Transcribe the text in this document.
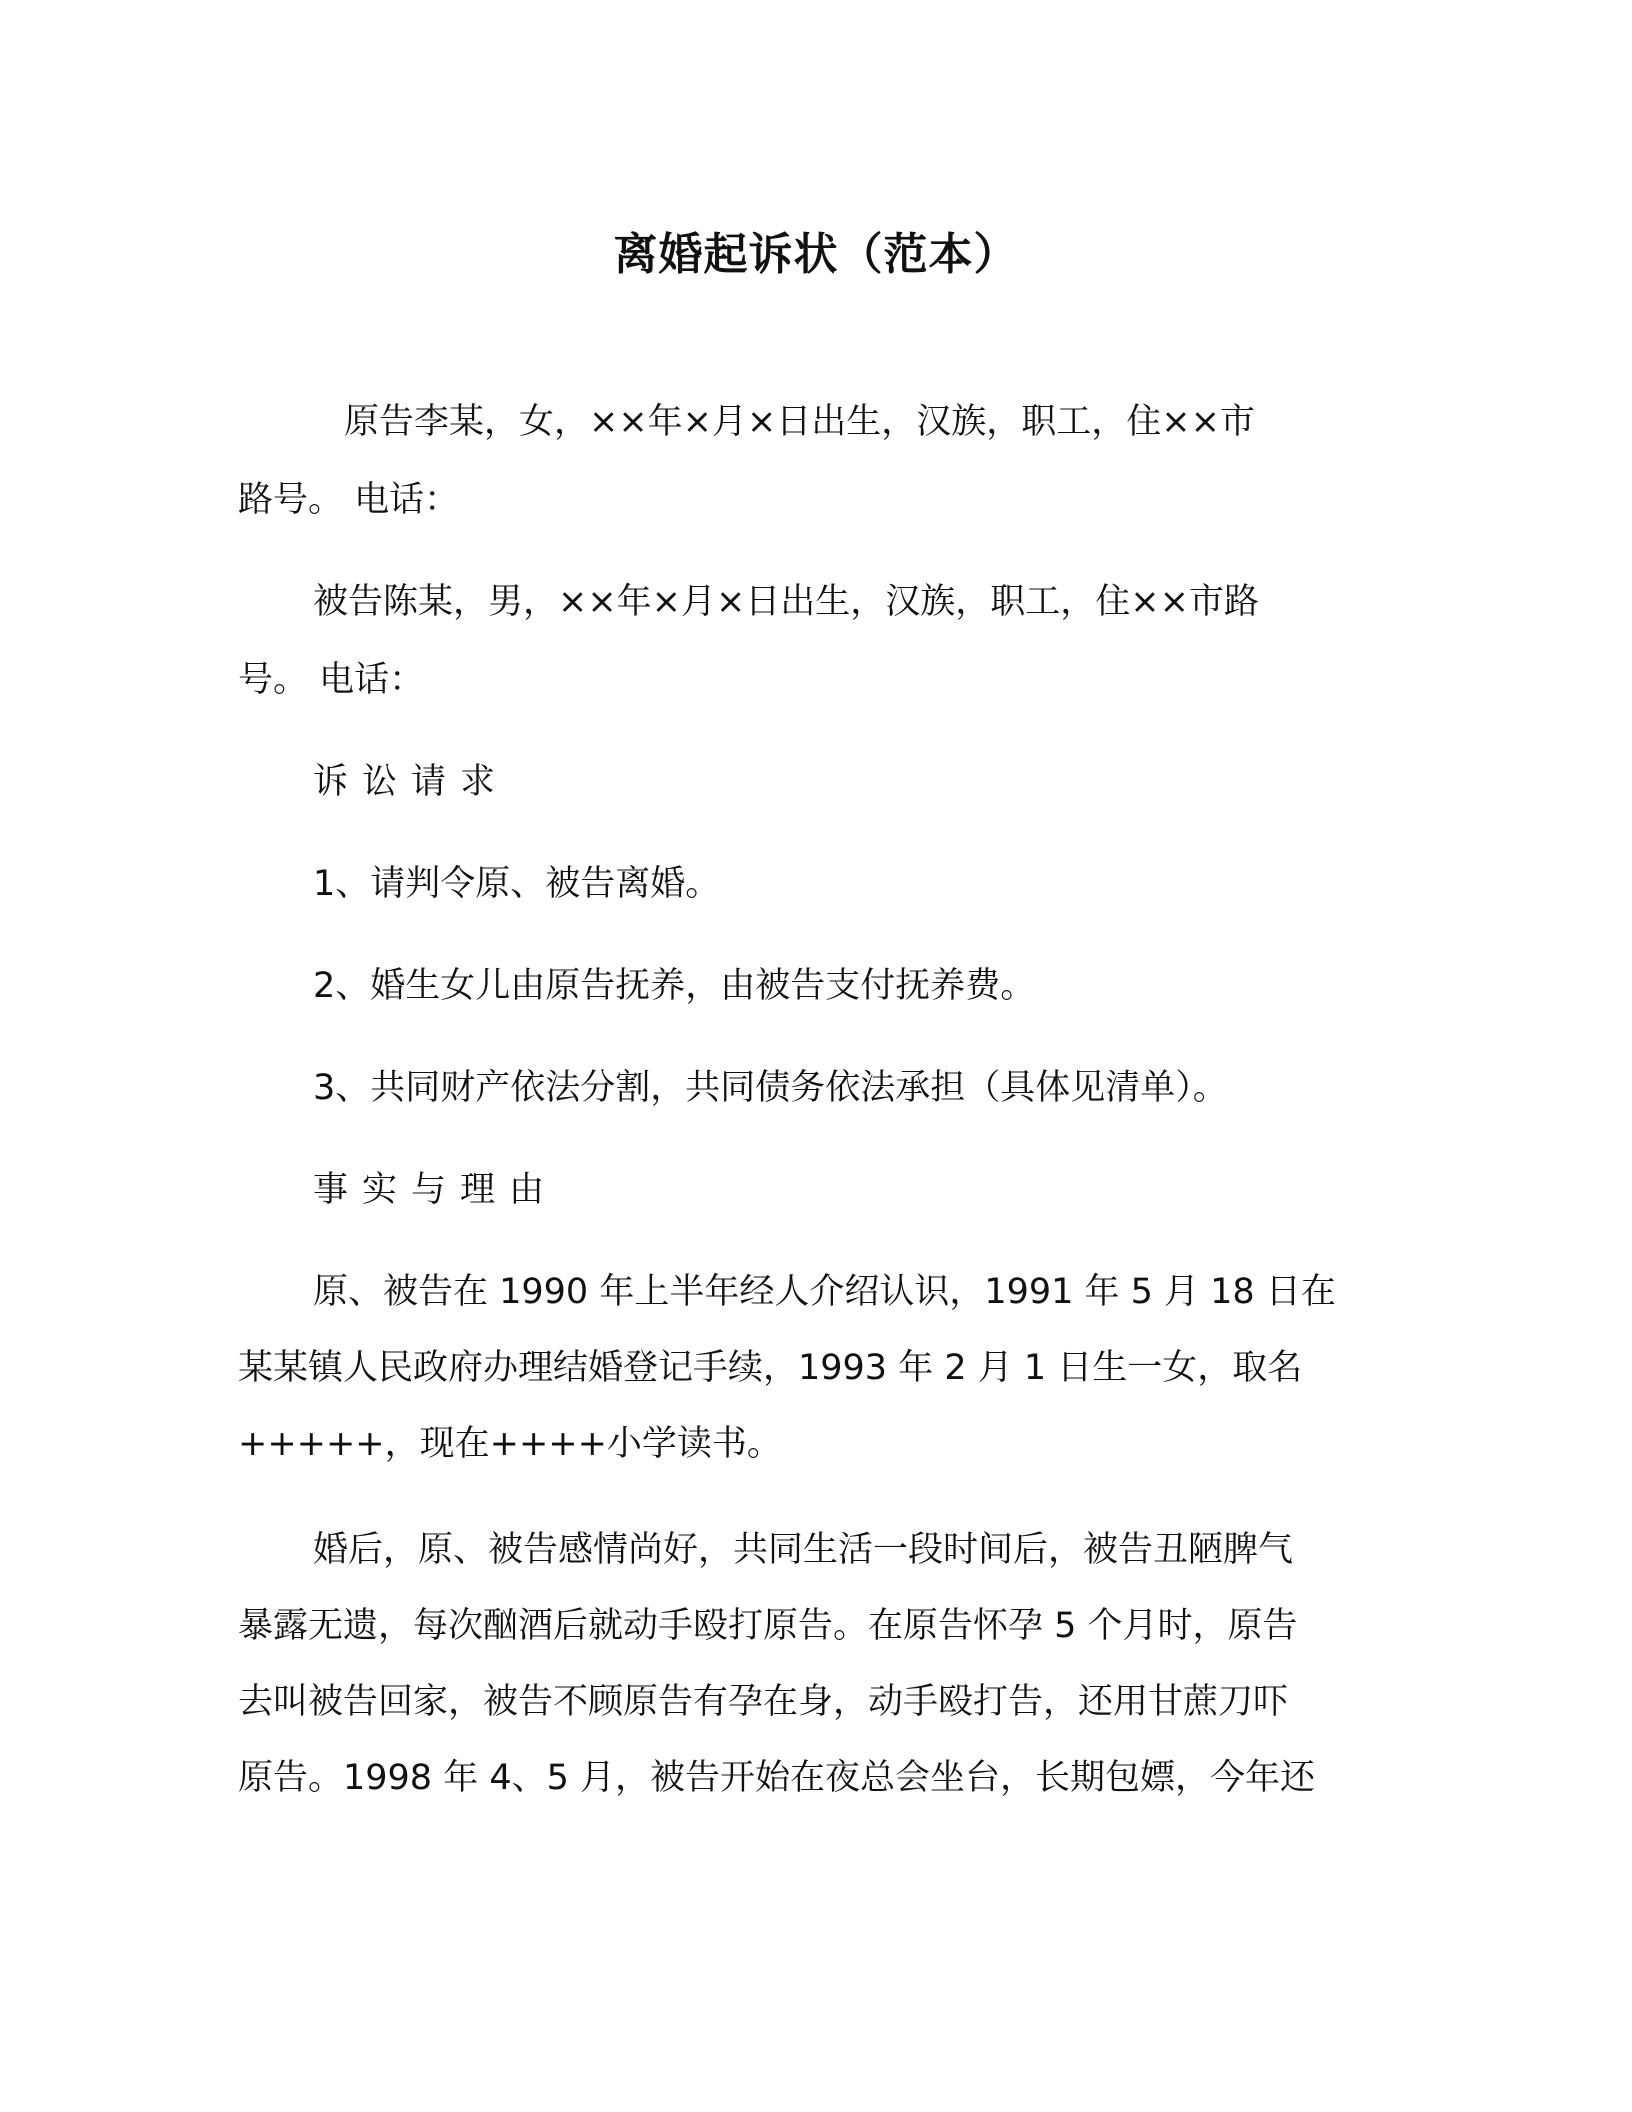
离婚起诉状（范本）
原告李某，女，××年×月×日出生，汉族，职工，住××市
路号。 电话：
被告陈某，男，××年×月×日出生，汉族，职工，住××市路
号。 电话：
诉讼请求
1、请判令原、被告离婚。
2、婚生女儿由原告抚养，由被告支付抚养费。
3、共同财产依法分割，共同债务依法承担（具体见清单）。
事实与理由
原、被告在 1990 年上半年经人介绍认识，1991 年 5 月 18 日在
某某镇人民政府办理结婚登记手续，1993 年 2 月 1 日生一女，取名
+++++，现在++++小学读书。
婚后，原、被告感情尚好，共同生活一段时间后，被告丑陋脾气
暴露无遗，每次酗酒后就动手殴打原告。在原告怀孕 5 个月时，原告
去叫被告回家，被告不顾原告有孕在身，动手殴打告，还用甘蔗刀吓
原告。1998 年 4、5 月，被告开始在夜总会坐台，长期包嫖，今年还
